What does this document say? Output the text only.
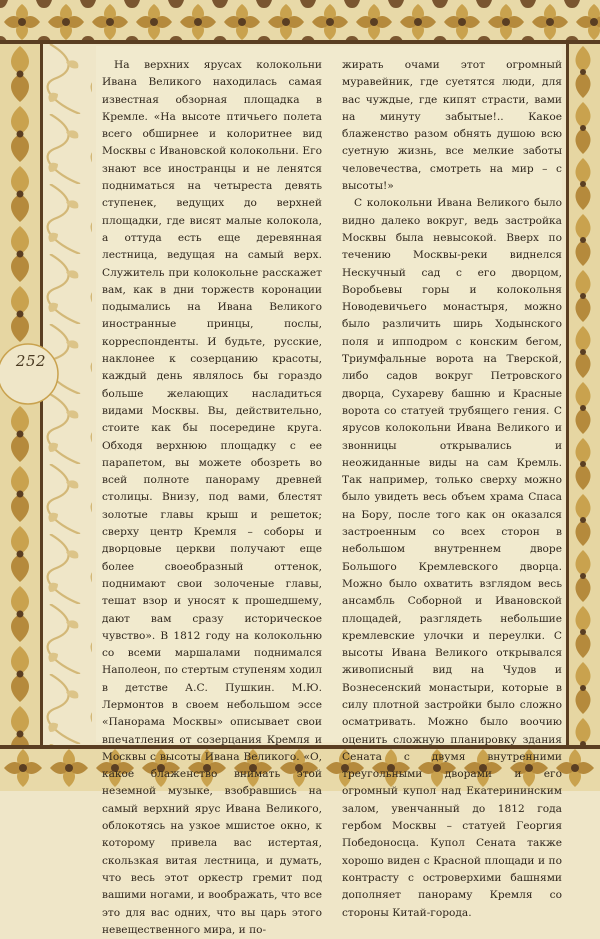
252

На верхних ярусах колокольни Ивана Великого находилась самая известная обзорная площадка в Кремле. «На высоте птичьего полета всего обширнее и колоритнее вид Москвы с Ивановской колокольни. Его знают все иностранцы и не ленятся подниматься на четыреста девять ступенек, ведущих до верхней площадки, где висят малые колокола, а оттуда есть еще деревянная лестница, ведущая на самый верх. Служитель при колокольне расскажет вам, как в дни торжеств коронации подымались на Ивана Великого иностранные принцы, послы, корреспонденты. И будьте, русские, наклонее к созерцанию красоты, каждый день являлось бы гораздо больше желающих насладиться видами Москвы. Вы, действительно, стоите как бы посередине круга. Обходя верхнюю площадку с ее парапетом, вы можете обозреть во всей полноте панораму древней столицы. Внизу, под вами, блестят золотые главы крыш и решеток; сверху центр Кремля – соборы и дворцовые церкви получают еще более своеобразный оттенок, поднимают свои золоченые главы, тешат взор и уносят к прошедшему, дают вам сразу историческое чувство». В 1812 году на колокольню со всеми маршалами поднимался Наполеон, по стертым ступеням ходил в детстве А.С. Пушкин. М.Ю. Лермонтов в своем небольшом эссе «Панорама Москвы» описывает свои впечатления от созерцания Кремля и Москвы с высоты Ивана Великого. «О, какое блаженство внимать этой неземной музыке, взобравшись на самый верхний ярус Ивана Великого, облокотясь на узкое мшистое окно, к которому привела вас истертая, скользкая витая лестница, и думать, что весь этот оркестр гремит под вашими ногами, и воображать, что все это для вас одних, что вы царь этого невещественного мира, и по-

жирать очами этот огромный муравейник, где суетятся люди, для вас чуждые, где кипят страсти, вами на минуту забытые!.. Какое блаженство разом обнять душою всю суетную жизнь, все мелкие заботы человечества, смотреть на мир – с высоты!»

С колокольни Ивана Великого было видно далеко вокруг, ведь застройка Москвы была невысокой. Вверх по течению Москвы-реки виднелся Нескучный сад с его дворцом, Воробьевы горы и колокольня Новодевичьего монастыря, можно было различить ширь Ходынского поля и ипподром с конским бегом, Триумфальные ворота на Тверской, либо садов вокруг Петровского дворца, Сухареву башню и Красные ворота со статуей трубящего гения. С ярусов колокольни Ивана Великого и звонницы открывались и неожиданные виды на сам Кремль. Так например, только сверху можно было увидеть весь объем храма Спаса на Бору, после того как он оказался застроенным со всех сторон в небольшом внутреннем дворе Большого Кремлевского дворца. Можно было охватить взглядом весь ансамбль Соборной и Ивановской площадей, разглядеть небольшие кремлевские улочки и переулки. С высоты Ивана Великого открывался живописный вид на Чудов и Вознесенский монастыри, которые в силу плотной застройки было сложно осматривать. Можно было воочию оценить сложную планировку здания Сената с двумя внутренними треугольными дворами и его огромный купол над Екатерининским залом, увенчанный до 1812 года гербом Москвы – статуей Георгия Победоносца. Купол Сената также хорошо виден с Красной площади и по контрасту с островерхими башнями дополняет панораму Кремля со стороны Китай-города.
